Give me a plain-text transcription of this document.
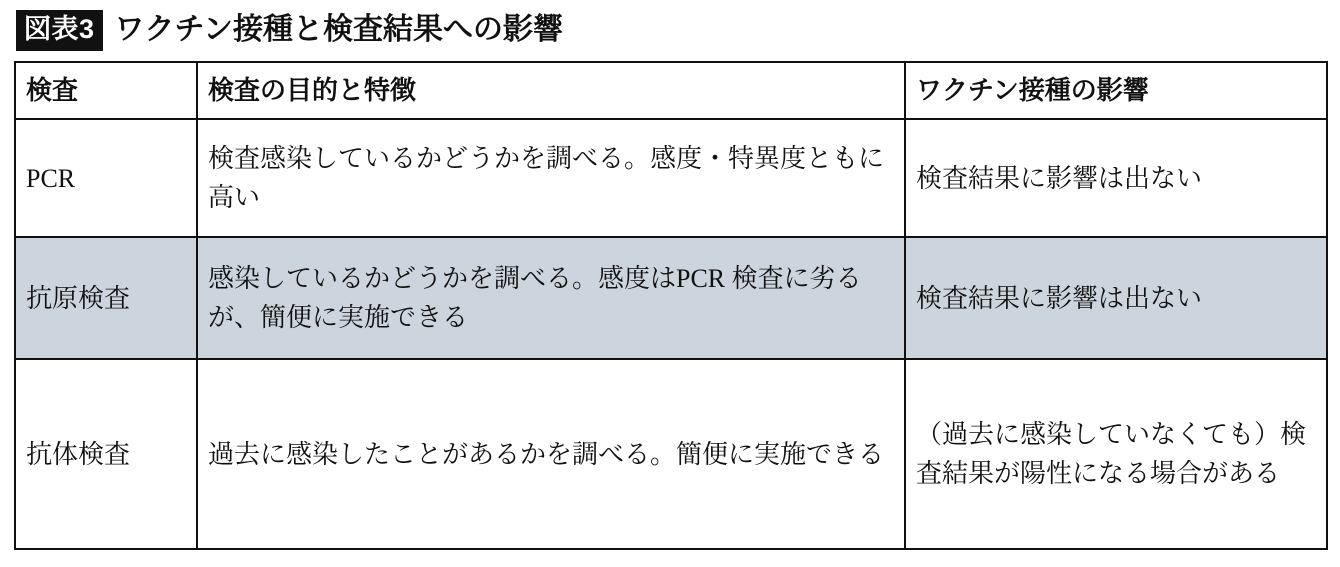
図表3 ワクチン接種と検査結果への影響
検査	検査の目的と特徴	ワクチン接種の影響
PCR	検査感染しているかどうかを調べる。感度・特異度ともに高い	検査結果に影響は出ない
抗原検査	感染しているかどうかを調べる。感度はPCR 検査に劣るが、簡便に実施できる	検査結果に影響は出ない
抗体検査	過去に感染したことがあるかを調べる。簡便に実施できる	（過去に感染していなくても）検査結果が陽性になる場合がある
